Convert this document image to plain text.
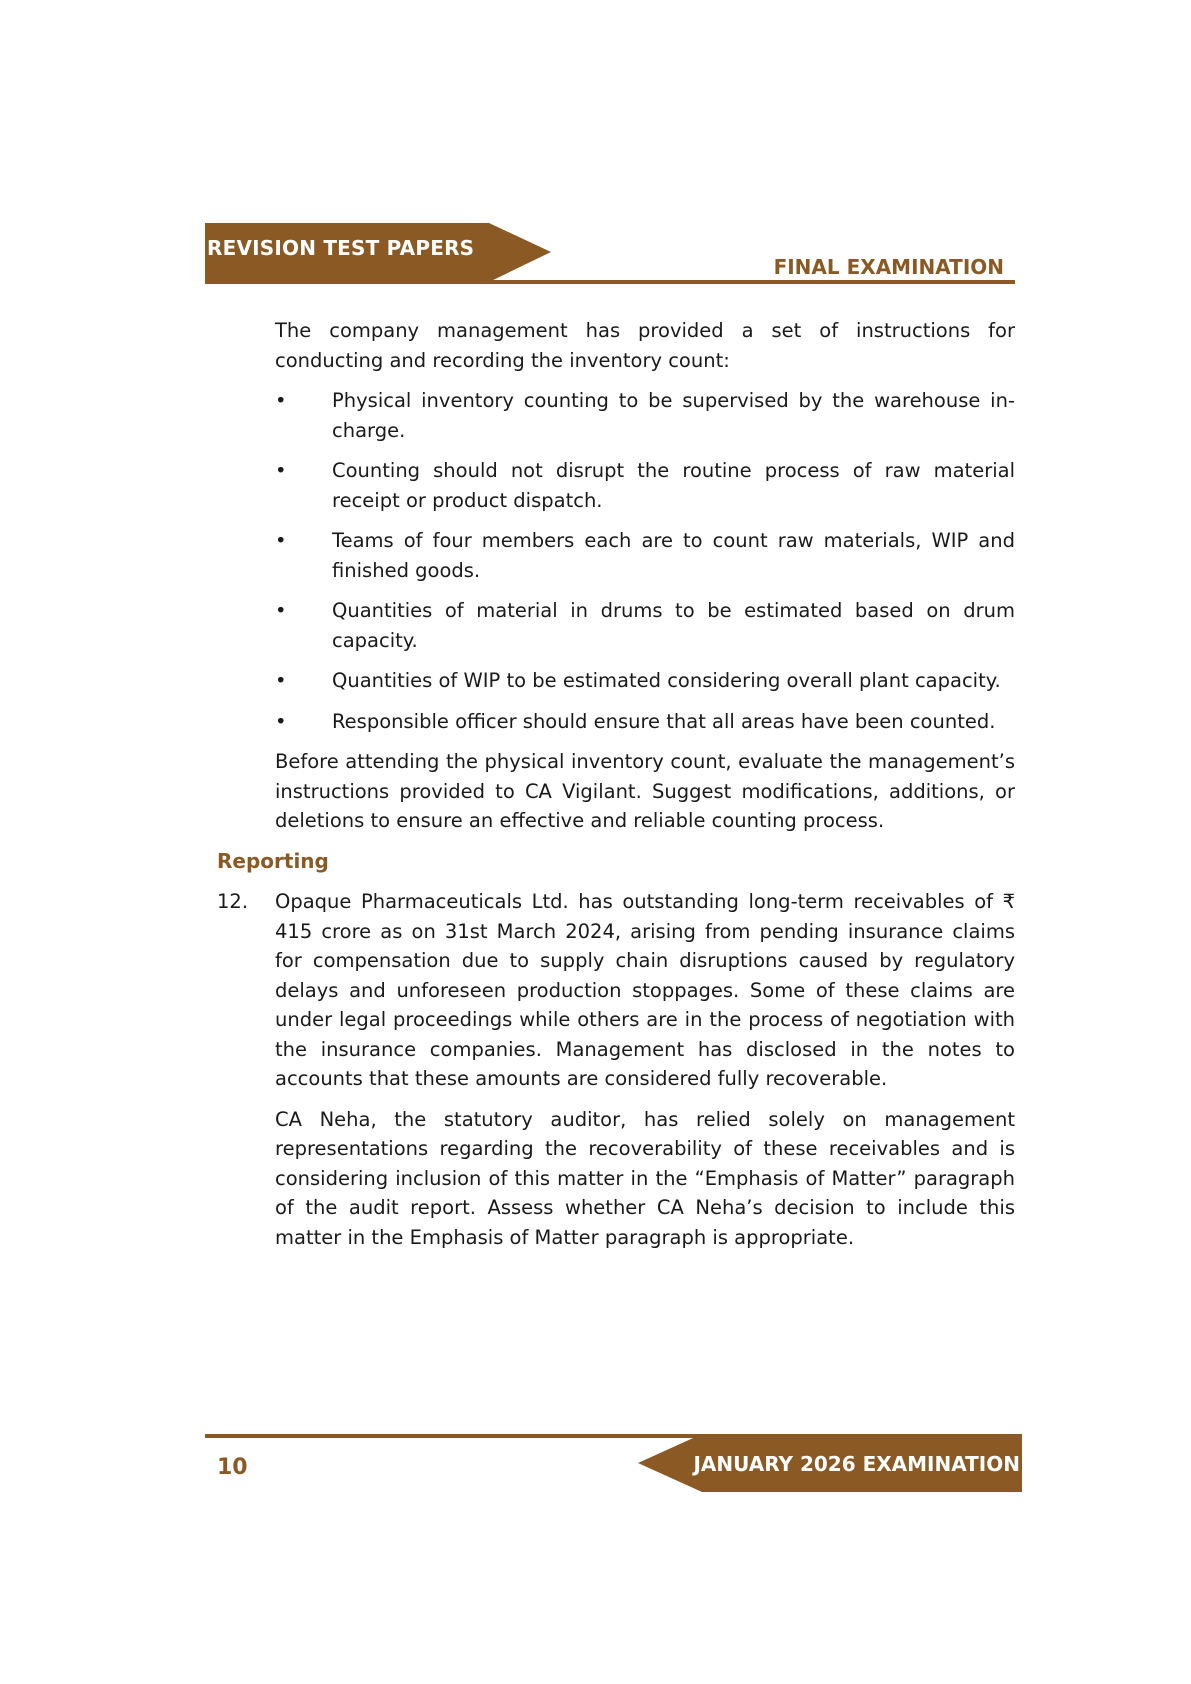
REVISION TEST PAPERS
FINAL EXAMINATION

The company management has provided a set of instructions for conducting and recording the inventory count:

• Physical inventory counting to be supervised by the warehouse in-charge.
• Counting should not disrupt the routine process of raw material receipt or product dispatch.
• Teams of four members each are to count raw materials, WIP and finished goods.
• Quantities of material in drums to be estimated based on drum capacity.
• Quantities of WIP to be estimated considering overall plant capacity.
• Responsible officer should ensure that all areas have been counted.

Before attending the physical inventory count, evaluate the management’s instructions provided to CA Vigilant. Suggest modifications, additions, or deletions to ensure an effective and reliable counting process.

Reporting
12. Opaque Pharmaceuticals Ltd. has outstanding long-term receivables of ₹ 415 crore as on 31st March 2024, arising from pending insurance claims for compensation due to supply chain disruptions caused by regulatory delays and unforeseen production stoppages. Some of these claims are under legal proceedings while others are in the process of negotiation with the insurance companies. Management has disclosed in the notes to accounts that these amounts are considered fully recoverable.

CA Neha, the statutory auditor, has relied solely on management representations regarding the recoverability of these receivables and is considering inclusion of this matter in the “Emphasis of Matter” paragraph of the audit report. Assess whether CA Neha’s decision to include this matter in the Emphasis of Matter paragraph is appropriate.

JANUARY 2026 EXAMINATION
10
